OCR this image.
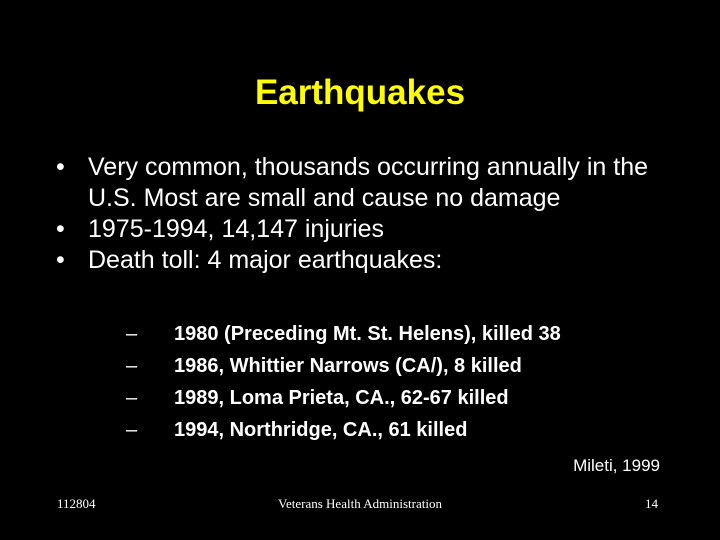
Earthquakes
• Very common, thousands occurring annually in the U.S. Most are small and cause no damage
• 1975-1994, 14,147 injuries
• Death toll: 4 major earthquakes:
– 1980 (Preceding Mt. St. Helens), killed 38
– 1986, Whittier Narrows (CA/), 8 killed
– 1989, Loma Prieta, CA., 62-67 killed
– 1994, Northridge, CA., 61 killed
Mileti, 1999
112804	Veterans Health Administration	14
